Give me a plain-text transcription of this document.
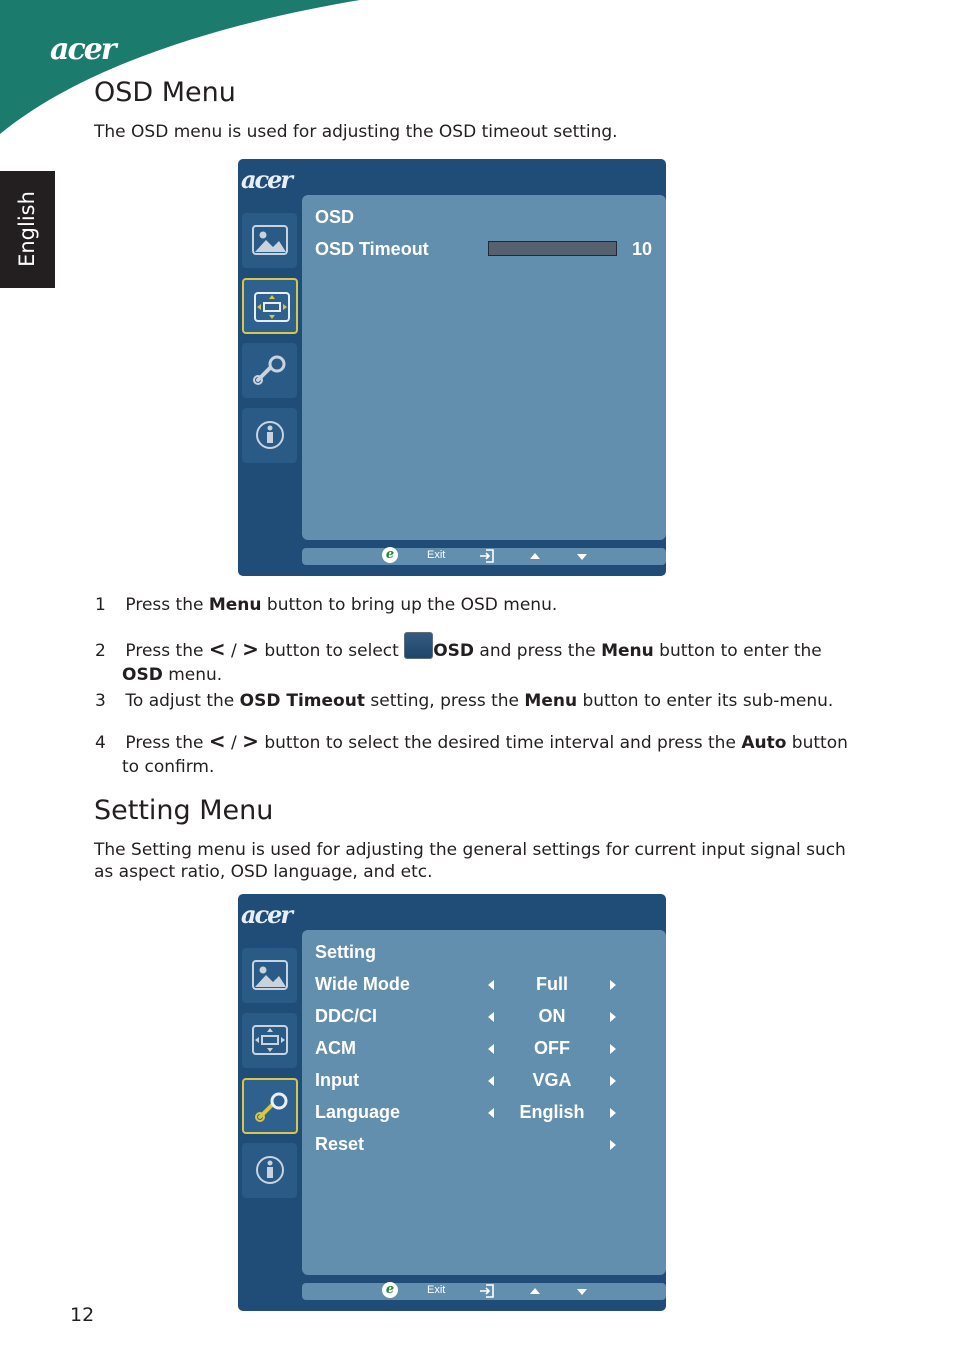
acer
English
OSD Menu

The OSD menu is used for adjusting the OSD timeout setting.

acer
OSD
OSD Timeout	10
e	Exit
1 Press the Menu button to bring up the OSD menu.
2 Press the < / > button to select OSD and press the Menu button to enter the
OSD menu.
3 To adjust the OSD Timeout setting, press the Menu button to enter its sub-menu.
4 Press the < / > button to select the desired time interval and press the Auto button
to confirm.
Setting Menu

The Setting menu is used for adjusting the general settings for current input signal such as aspect ratio, OSD language, and etc.

acer
Setting
Wide Mode	Full
DDC/CI	ON
ACM	OFF
Input	VGA
Language	English
Reset
e	Exit
12
